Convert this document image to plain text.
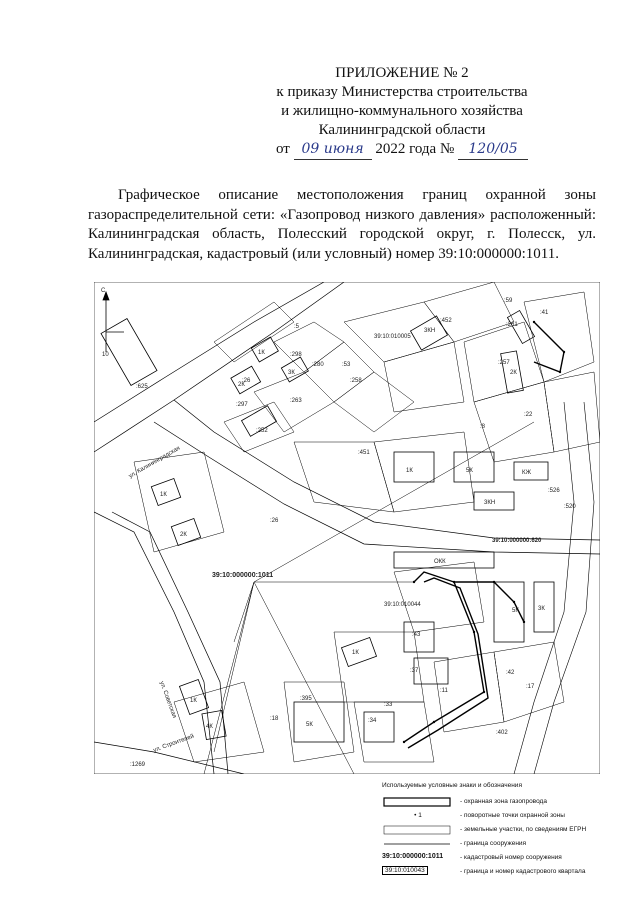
ПРИЛОЖЕНИЕ № 2
к приказу Министерства строительства
и жилищно-коммунального хозяйства
Калининградской области
от 09 июня 2022 года № 120/05
Графическое описание местоположения границ охранной зоны газораспределительной сети: «Газопровод низкого давления» расположенный: Калининградская область, Полесский городской округ, г. Полесск, ул. Калининградская, кадастровый (или условный) номер 39:10:000000:1011.
С
10
39:10:000000:1011
39:10:010005
39:10:000000:620
39:10:010044
:5
:298
:26
:297
:252
:280	:53
:258
:452
:59
:261
:41
:257
:22
:8
:451
:526
:520
:625
:263
:26
:395
:34
:33
:37
:43
:11
:42
:17
:402
:18
:1269
1К
3К
2К
1К	5К	КЖ
ОКК
3КН
1К
2К
1К
4К
5К	3К
1К
3КН
2К
5К
ул. Калининградская
ул. Советская
ул. Строителей
Используемые условные знаки и обозначения
- охранная зона газопровода
• 1	- поворотные точки охранной зоны
- земельные участки, по сведениям ЕГРН
- граница сооружения
39:10:000000:1011	- кадастровый номер сооружения
39:10:010043	- граница и номер кадастрового квартала
